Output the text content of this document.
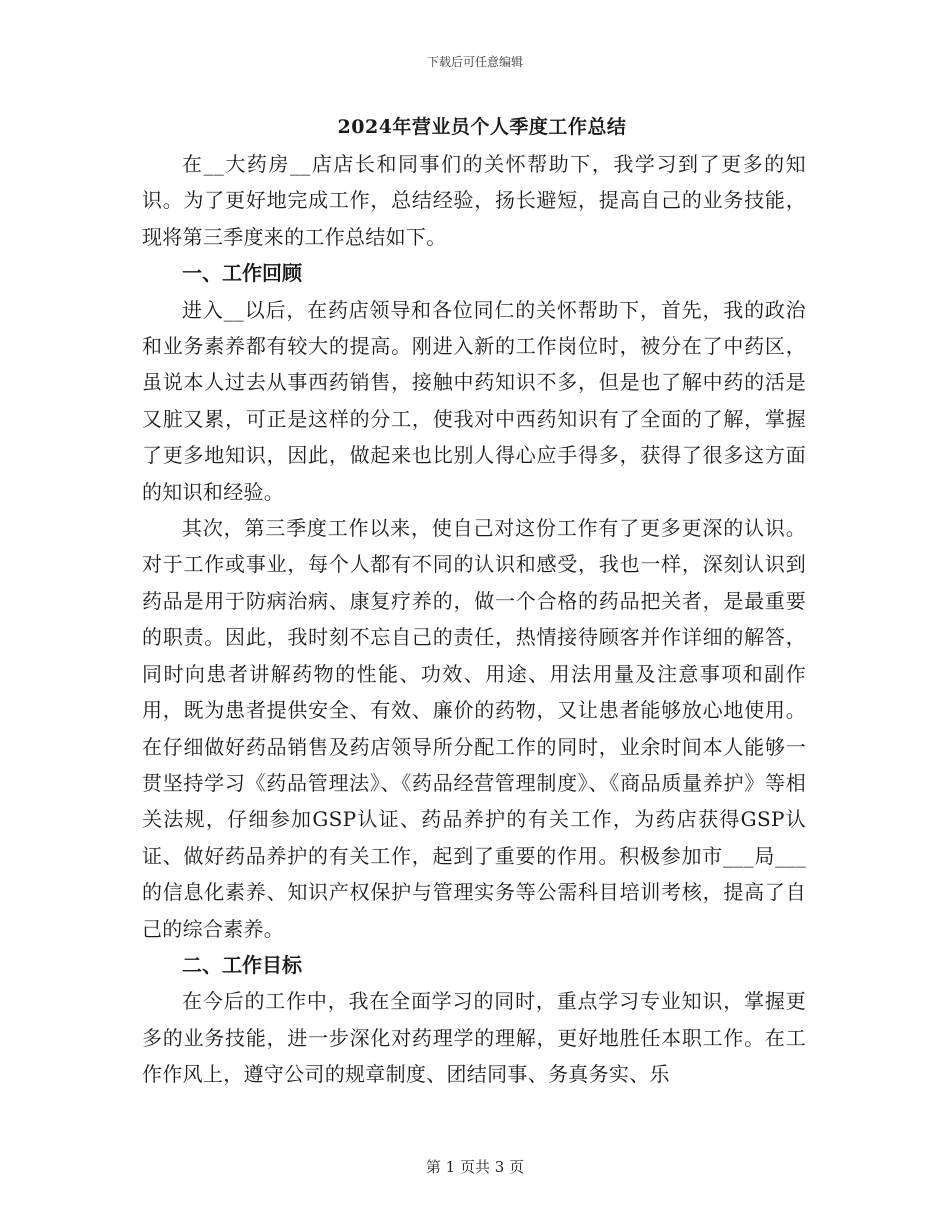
下载后可任意编辑
2024年营业员个人季度工作总结

在__大药房__店店长和同事们的关怀帮助下，我学习到了更多的知识。为了更好地完成工作，总结经验，扬长避短，提高自己的业务技能，现将第三季度来的工作总结如下。

一、工作回顾

进入__以后，在药店领导和各位同仁的关怀帮助下，首先，我的政治和业务素养都有较大的提高。刚进入新的工作岗位时，被分在了中药区，虽说本人过去从事西药销售，接触中药知识不多，但是也了解中药的活是又脏又累，可正是这样的分工，使我对中西药知识有了全面的了解，掌握了更多地知识，因此，做起来也比别人得心应手得多，获得了很多这方面的知识和经验。

其次，第三季度工作以来，使自己对这份工作有了更多更深的认识。对于工作或事业，每个人都有不同的认识和感受，我也一样，深刻认识到药品是用于防病治病、康复疗养的，做一个合格的药品把关者，是最重要的职责。因此，我时刻不忘自己的责任，热情接待顾客并作详细的解答，同时向患者讲解药物的性能、功效、用途、用法用量及注意事项和副作用，既为患者提供安全、有效、廉价的药物，又让患者能够放心地使用。在仔细做好药品销售及药店领导所分配工作的同时，业余时间本人能够一贯坚持学习《药品管理法》、《药品经营管理制度》、《商品质量养护》等相关法规，仔细参加GSP认证、药品养护的有关工作，为药店获得GSP认证、做好药品养护的有关工作，起到了重要的作用。积极参加市___局___的信息化素养、知识产权保护与管理实务等公需科目培训考核，提高了自己的综合素养。

二、工作目标

在今后的工作中，我在全面学习的同时，重点学习专业知识，掌握更多的业务技能，进一步深化对药理学的理解，更好地胜任本职工作。在工作作风上，遵守公司的规章制度、团结同事、务真务实、乐

第 1 页共 3 页
